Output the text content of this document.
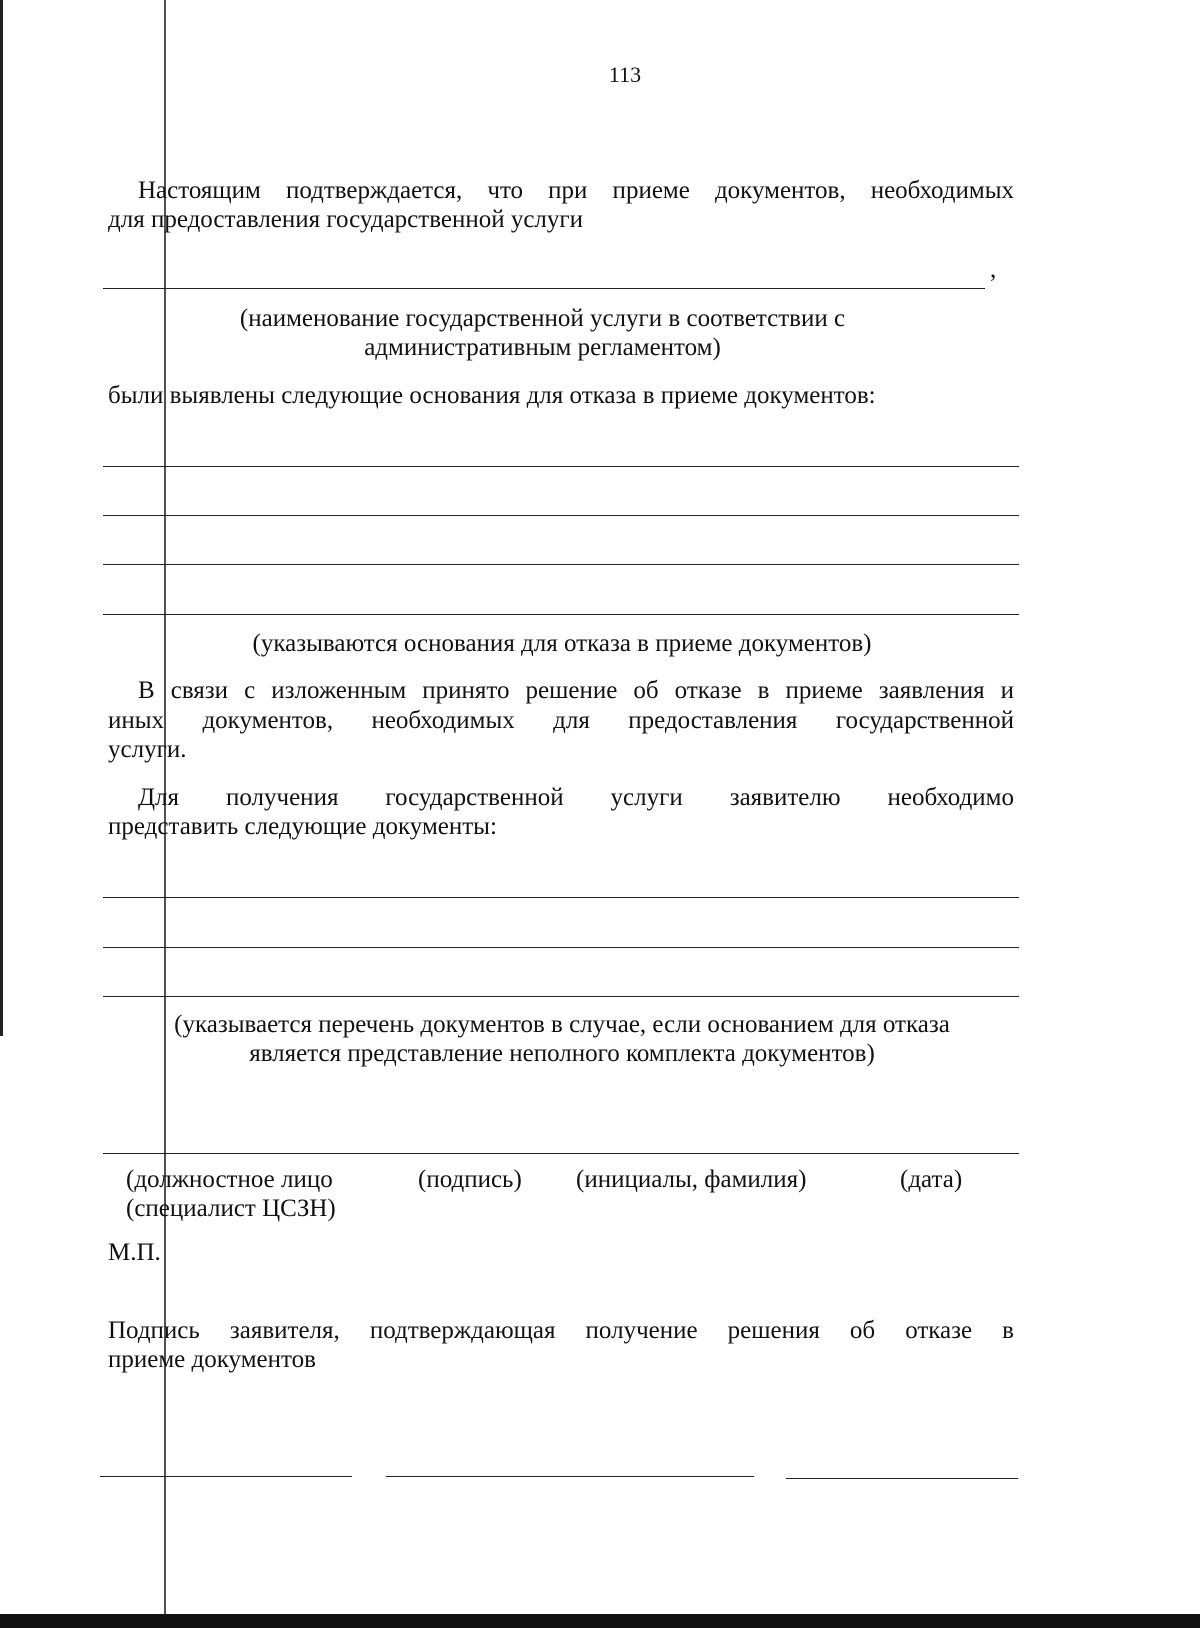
113
Настоящим подтверждается, что при приеме документов, необходимых
для предоставления государственной услуги
,
(наименование государственной услуги в соответствии с
административным регламентом)
были выявлены следующие основания для отказа в приеме документов:
(указываются основания для отказа в приеме документов)
В связи с изложенным принято решение об отказе в приеме заявления и
иных документов, необходимых для предоставления государственной
услуги.
Для получения государственной услуги заявителю необходимо
представить следующие документы:
(указывается перечень документов в случае, если основанием для отказа
является представление неполного комплекта документов)
(должностное лицо
(специалист ЦСЗН)
(подпись) (инициалы, фамилия)	(дата)
М.П.
Подпись заявителя, подтверждающая получение решения об отказе в
приеме документов
